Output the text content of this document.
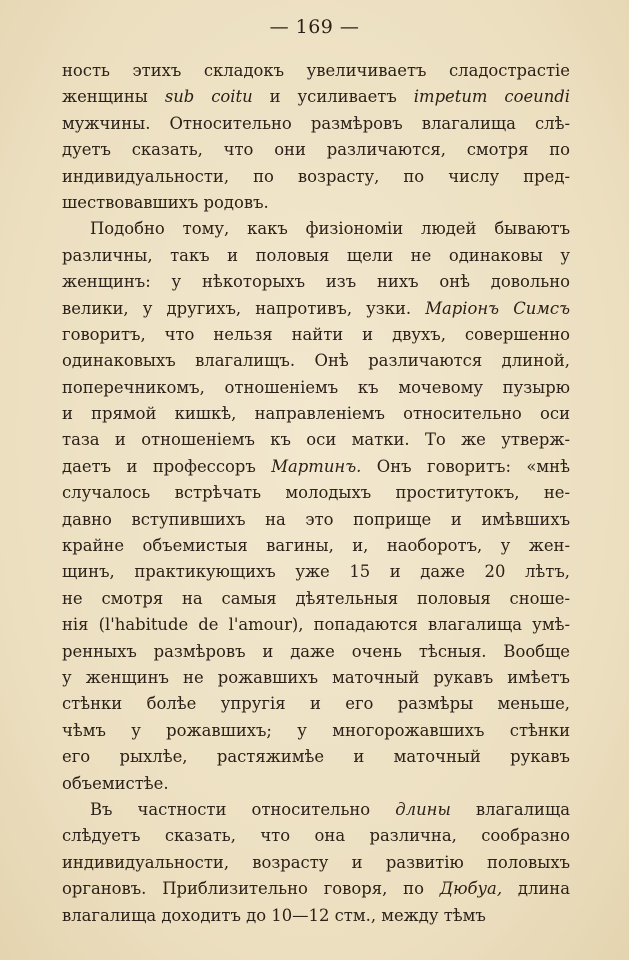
— 169 —
ность этихъ складокъ увеличиваетъ сладострастіе
женщины sub coitu и усиливаетъ impetum coeundi
мужчины. Относительно размѣровъ влагалища слѣ-
дуетъ сказать, что они различаются, смотря по
индивидуальности, по возрасту, по числу пред-
шествовавшихъ родовъ.
Подобно тому, какъ физіономіи людей бываютъ
различны, такъ и половыя щели не одинаковы у
женщинъ: у нѣкоторыхъ изъ нихъ онѣ довольно
велики, у другихъ, напротивъ, узки. Маріонъ Симсъ
говоритъ, что нельзя найти и двухъ, совершенно
одинаковыхъ влагалищъ. Онѣ различаются длиной,
поперечникомъ, отношеніемъ къ мочевому пузырю
и прямой кишкѣ, направленіемъ относительно оси
таза и отношеніемъ къ оси матки. То же утверж-
даетъ и профессоръ Мартинъ. Онъ говоритъ: «мнѣ
случалось встрѣчать молодыхъ проститутокъ, не-
давно вступившихъ на это поприще и имѣвшихъ
крайне объемистыя вагины, и, наоборотъ, у жен-
щинъ, практикующихъ уже 15 и даже 20 лѣтъ,
не смотря на самыя дѣятельныя половыя сноше-
нія (l'habitude de l'amour), попадаются влагалища умѣ-
ренныхъ размѣровъ и даже очень тѣсныя. Вообще
у женщинъ не рожавшихъ маточный рукавъ имѣетъ
стѣнки болѣе упругія и его размѣры меньше,
чѣмъ у рожавшихъ; у многорожавшихъ стѣнки
его рыхлѣе, растяжимѣе и маточный рукавъ
объемистѣе.
Въ частности относительно длины влагалища
слѣдуетъ сказать, что она различна, сообразно
индивидуальности, возрасту и развитію половыхъ
органовъ. Приблизительно говоря, по Дюбуа, длина
влагалища доходитъ до 10—12 стм., между тѣмъ
